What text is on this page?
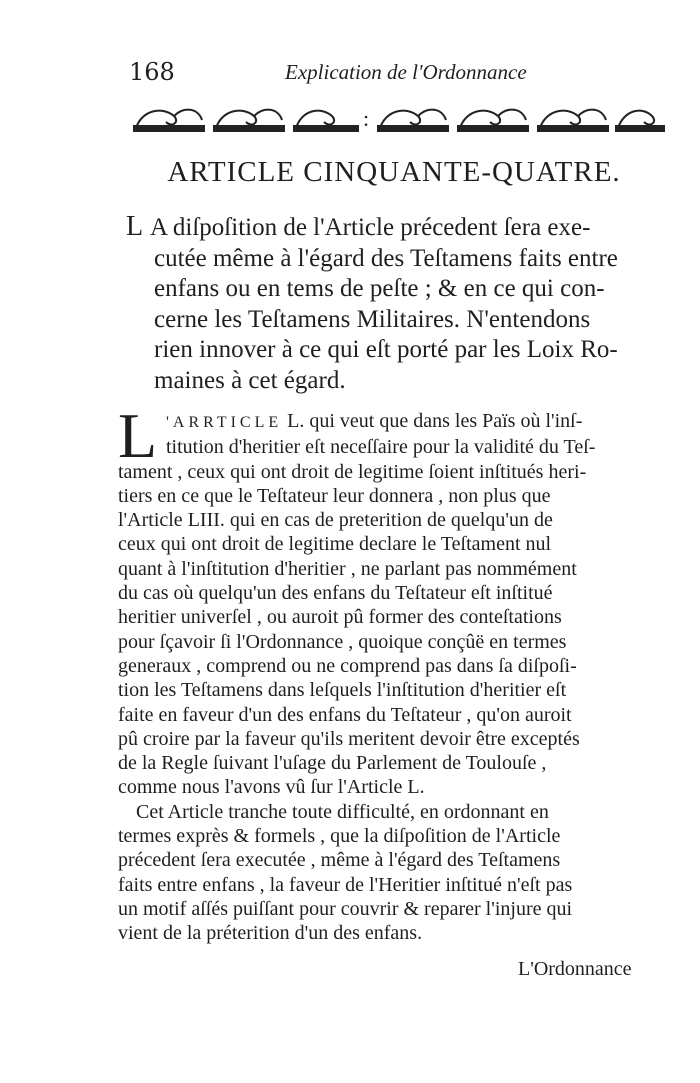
168	Explication de l'Ordonnance
:
ARTICLE CINQUANTE-QUATRE.
L A diſpoſition de l'Article précedent ſera exe-
cutée même à l'égard des Teſtamens faits entre
enfans ou en tems de peſte ; & en ce qui con-
cerne les Teſtamens Militaires. N'entendons
rien innover à ce qui eſt porté par les Loix Ro-
maines à cet égard.
L 'ARRTICLE L. qui veut que dans les Païs où l'inſ-
titution d'heritier eſt neceſſaire pour la validité du Teſ-
tament , ceux qui ont droit de legitime ſoient inſtitués heri-
tiers en ce que le Teſtateur leur donnera , non plus que
l'Article LIII. qui en cas de preterition de quelqu'un de
ceux qui ont droit de legitime declare le Teſtament nul
quant à l'inſtitution d'heritier , ne parlant pas nommément
du cas où quelqu'un des enfans du Teſtateur eſt inſtitué
heritier univerſel , ou auroit pû former des conteſtations
pour ſçavoir ſi l'Ordonnance , quoique conçûë en termes
generaux , comprend ou ne comprend pas dans ſa diſpoſi-
tion les Teſtamens dans leſquels l'inſtitution d'heritier eſt
faite en faveur d'un des enfans du Teſtateur , qu'on auroit
pû croire par la faveur qu'ils meritent devoir être exceptés
de la Regle ſuivant l'uſage du Parlement de Toulouſe ,
comme nous l'avons vû ſur l'Article L.
Cet Article tranche toute difficulté, en ordonnant en
termes exprès & formels , que la diſpoſition de l'Article
précedent ſera executée , même à l'égard des Teſtamens
faits entre enfans , la faveur de l'Heritier inſtitué n'eſt pas
un motif aſſés puiſſant pour couvrir & reparer l'injure qui
vient de la préterition d'un des enfans.
L'Ordonnance
